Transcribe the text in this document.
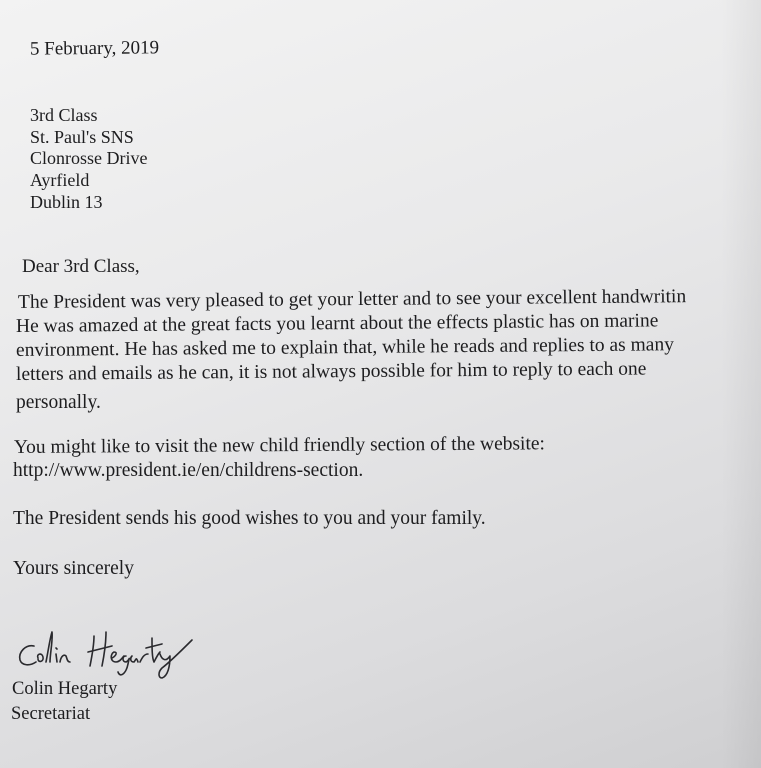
5 February, 2019
3rd Class
St. Paul's SNS
Clonrosse Drive
Ayrfield
Dublin 13
Dear 3rd Class,
The President was very pleased to get your letter and to see your excellent handwritin
He was amazed at the great facts you learnt about the effects plastic has on marine
environment. He has asked me to explain that, while he reads and replies to as many
letters and emails as he can, it is not always possible for him to reply to each one
personally.
You might like to visit the new child friendly section of the website:
http://www.president.ie/en/childrens-section.
The President sends his good wishes to you and your family.
Yours sincerely
Colin Hegarty
Secretariat
